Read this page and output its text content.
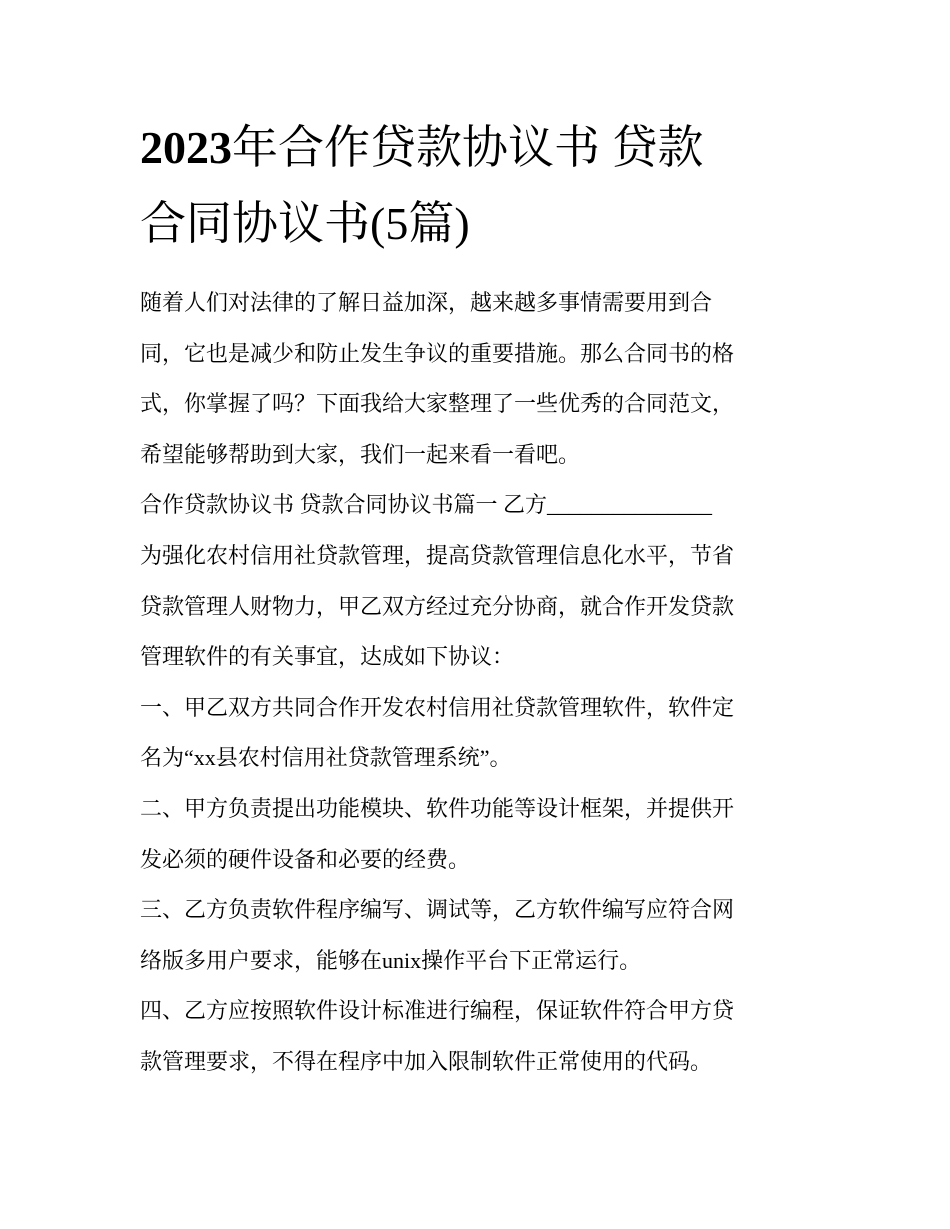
2023年合作贷款协议书 贷款
合同协议书(5篇)

随着人们对法律的了解日益加深，越来越多事情需要用到合
同，它也是减少和防止发生争议的重要措施。那么合同书的格
式，你掌握了吗？下面我给大家整理了一些优秀的合同范文，
希望能够帮助到大家，我们一起来看一看吧。

合作贷款协议书 贷款合同协议书篇一 乙方_______________

为强化农村信用社贷款管理，提高贷款管理信息化水平，节省
贷款管理人财物力，甲乙双方经过充分协商，就合作开发贷款
管理软件的有关事宜，达成如下协议：

一、甲乙双方共同合作开发农村信用社贷款管理软件，软件定
名为“xx县农村信用社贷款管理系统”。

二、甲方负责提出功能模块、软件功能等设计框架，并提供开
发必须的硬件设备和必要的经费。

三、乙方负责软件程序编写、调试等，乙方软件编写应符合网
络版多用户要求，能够在unix操作平台下正常运行。

四、乙方应按照软件设计标准进行编程，保证软件符合甲方贷
款管理要求，不得在程序中加入限制软件正常使用的代码。
